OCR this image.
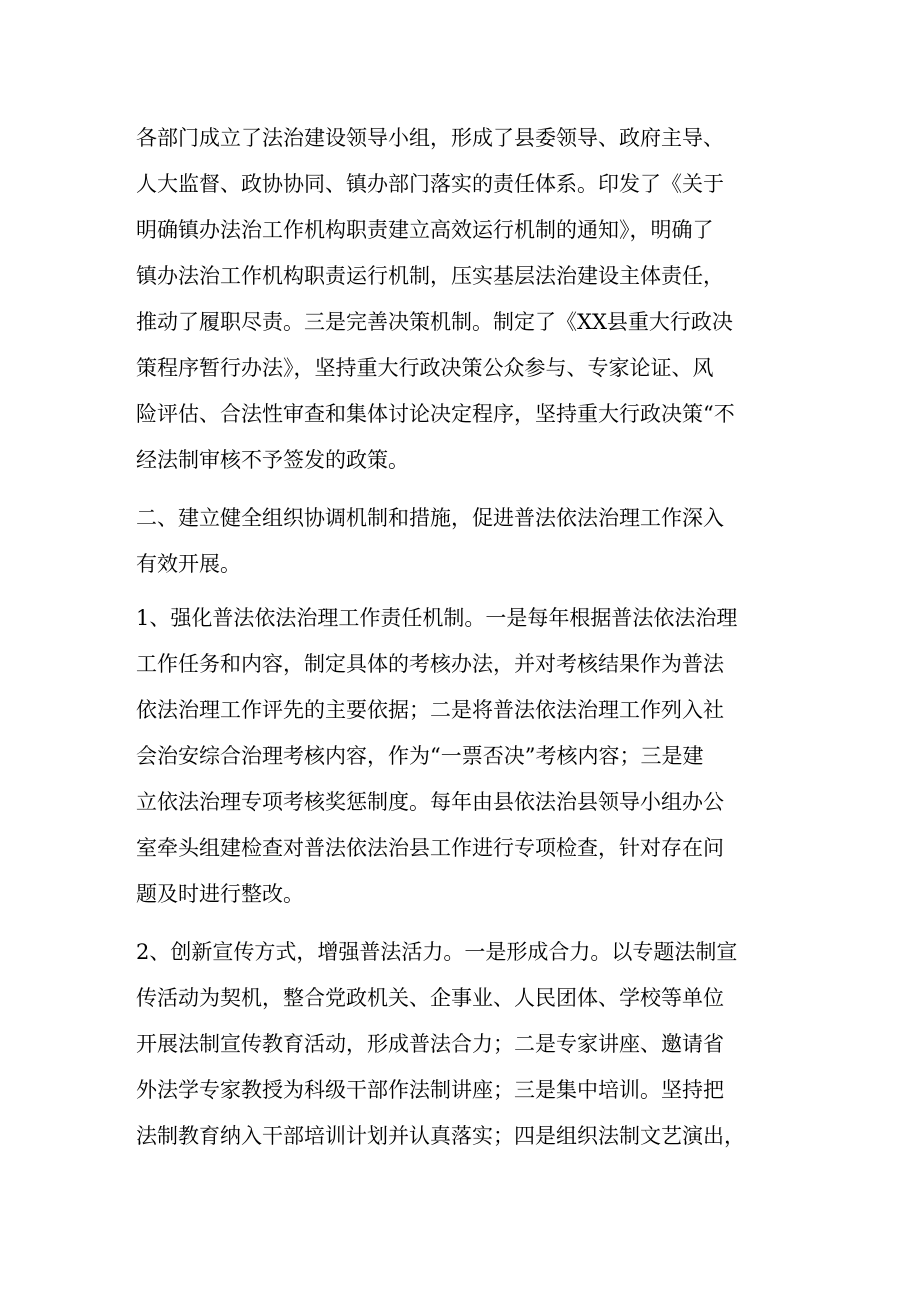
各部门成立了法治建设领导小组，形成了县委领导、政府主导、
人大监督、政协协同、镇办部门落实的责任体系。印发了《关于
明确镇办法治工作机构职责建立高效运行机制的通知》，明确了
镇办法治工作机构职责运行机制，压实基层法治建设主体责任，
推动了履职尽责。三是完善决策机制。制定了《XX县重大行政决
策程序暂行办法》，坚持重大行政决策公众参与、专家论证、风
险评估、合法性审查和集体讨论决定程序，坚持重大行政决策“不
经法制审核不予签发的政策。
二、建立健全组织协调机制和措施，促进普法依法治理工作深入
有效开展。
1、强化普法依法治理工作责任机制。一是每年根据普法依法治理
工作任务和内容，制定具体的考核办法，并对考核结果作为普法
依法治理工作评先的主要依据；二是将普法依法治理工作列入社
会治安综合治理考核内容，作为“一票否决”考核内容；三是建
立依法治理专项考核奖惩制度。每年由县依法治县领导小组办公
室牵头组建检查对普法依法治县工作进行专项检查，针对存在问
题及时进行整改。
2、创新宣传方式，增强普法活力。一是形成合力。以专题法制宣
传活动为契机，整合党政机关、企事业、人民团体、学校等单位
开展法制宣传教育活动，形成普法合力；二是专家讲座、邀请省
外法学专家教授为科级干部作法制讲座；三是集中培训。坚持把
法制教育纳入干部培训计划并认真落实；四是组织法制文艺演出，
